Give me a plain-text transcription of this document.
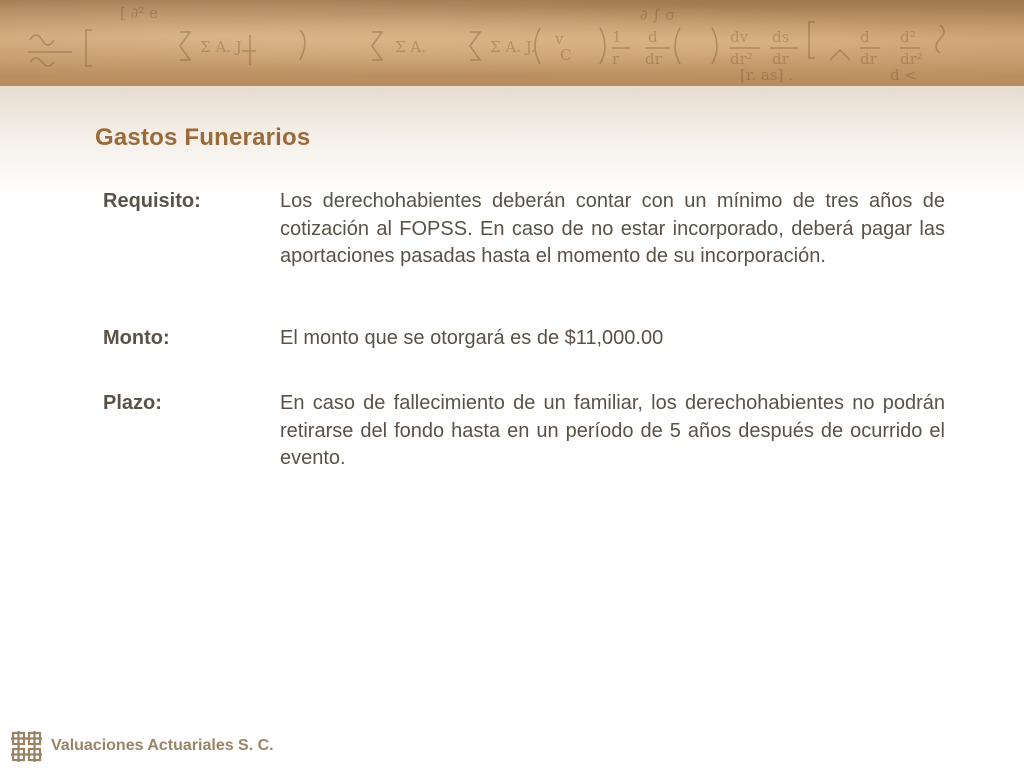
Σ A. J.	Σ A.	Σ A. J. v
C
1
r
d
dr
dv
dr²
ds
dr
d
dr
d²
dr²
[ ∂² e	∂ ∫ σ
[r. as] .	d <
Gastos Funerarios
Requisito:	Los derechohabientes deberán contar con un mínimo de tres años de cotización al FOPSS. En caso de no estar incorporado, deberá pagar las aportaciones pasadas hasta el momento de su incorporación.
Monto:	El monto que se otorgará es de $11,000.00
Plazo:	En caso de fallecimiento de un familiar, los derechohabientes no podrán retirarse del fondo hasta en un período de 5 años después de ocurrido el evento.
Valuaciones Actuariales S. C.
